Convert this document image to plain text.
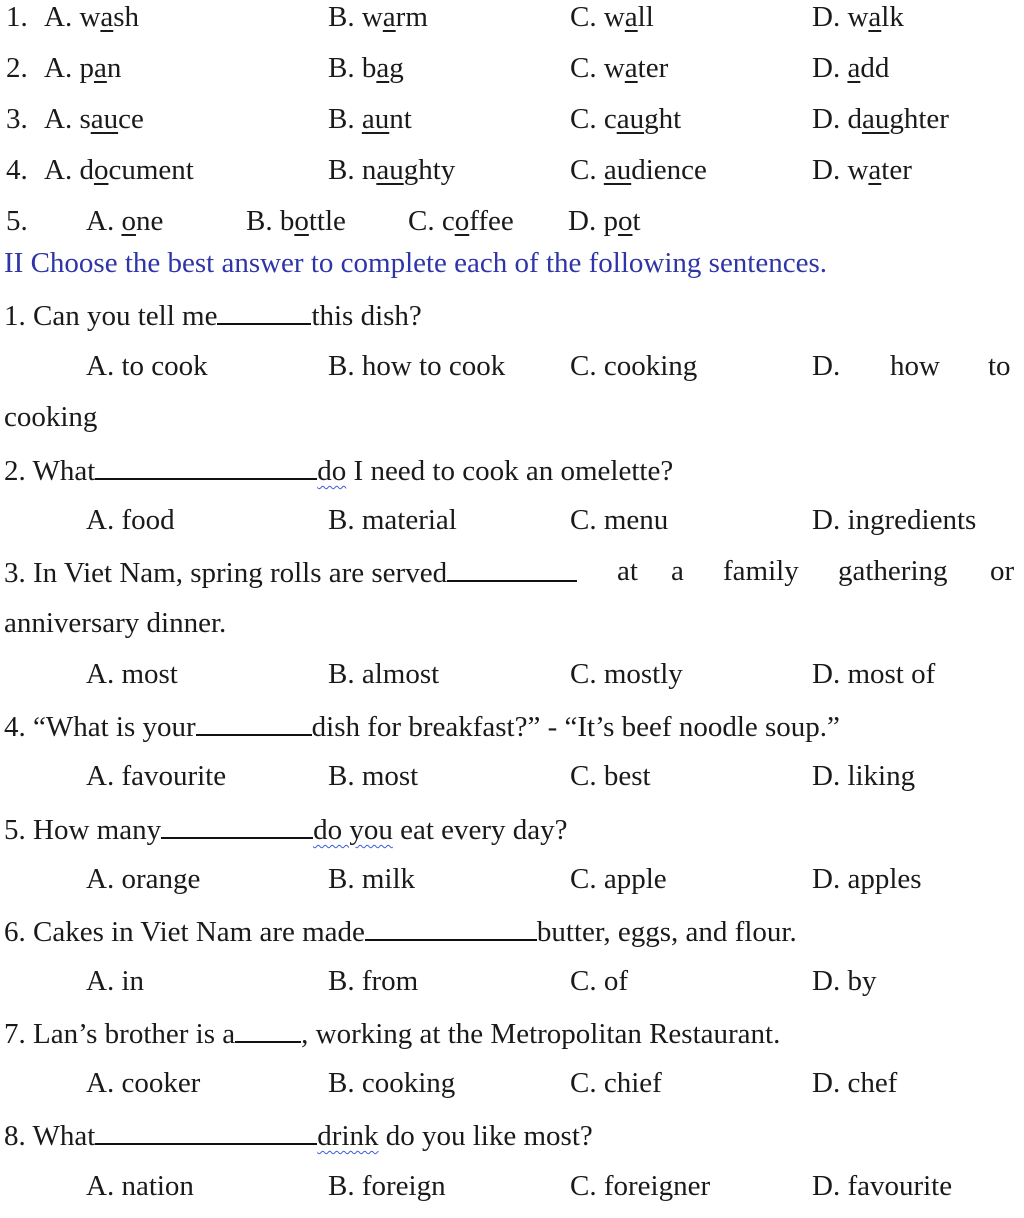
1. A. wash	B. warm	C. wall	D. walk
2. A. pan	B. bag	C. water	D. add
3. A. sauce	B. aunt	C. caught	D. daughter
4. A. document	B. naughty	C. audience	D. water
5. A. one	B. bottle C. coffee D. pot
II Choose the best answer to complete each of the following sentences.
1. Can you tell me	this dish?
A. to cook	B. how to cook C. cooking	D. how to
cooking
2. What	do I need to cook an omelette?
A. food	B. material	C. menu	D. ingredients
3. In Viet Nam, spring rolls are served	at a family gathering or
anniversary dinner.
A. most	B. almost	C. mostly	D. most of
4. “What is your	dish for breakfast?” - “It’s beef noodle soup.”
A. favourite	B. most	C. best	D. liking
5. How many	do you eat every day?
A. orange	B. milk	C. apple	D. apples
6. Cakes in Viet Nam are made	butter, eggs, and flour.
A. in	B. from	C. of	D. by
7. Lan’s brother is a , working at the Metropolitan Restaurant.
A. cooker	B. cooking	C. chief	D. chef
8. What	drink do you like most?
A. nation	B. foreign	C. foreigner	D. favourite
